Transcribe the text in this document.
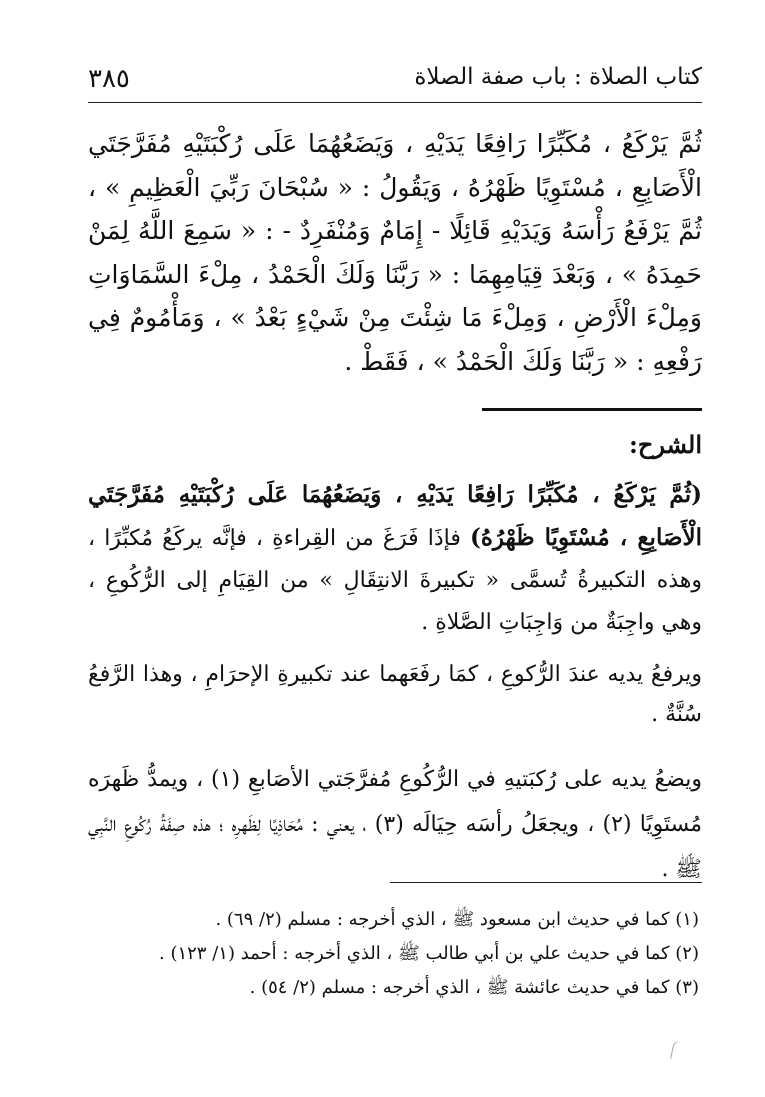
كتاب الصلاة : باب صفة الصلاة
٣٨٥
ثُمَّ يَرْكَعُ ، مُكَبِّرًا رَافِعًا يَدَيْهِ ، وَيَضَعُهُمَا عَلَى رُكْبَتَيْهِ مُفَرَّجَتَي الْأَصَابِعِ ، مُسْتَوِيًا ظَهْرُهُ ، وَيَقُولُ : « سُبْحَانَ رَبِّيَ الْعَظِيمِ » ، ثُمَّ يَرْفَعُ رَأْسَهُ وَيَدَيْهِ قَائِلًا - إِمَامٌ وَمُنْفَرِدٌ - : « سَمِعَ اللَّهُ لِمَنْ حَمِدَهُ » ، وَبَعْدَ قِيَامِهِمَا : « رَبَّنَا وَلَكَ الْحَمْدُ ، مِلْءَ السَّمَاوَاتِ وَمِلْءَ الْأَرْضِ ، وَمِلْءَ مَا شِئْتَ مِنْ شَيْءٍ بَعْدُ » ، وَمَأْمُومٌ فِي رَفْعِهِ : « رَبَّنَا وَلَكَ الْحَمْدُ » ، فَقَطْ .
الشرح:
(ثُمَّ يَرْكَعُ ، مُكَبِّرًا رَافِعًا يَدَيْهِ ، وَيَضَعُهُمَا عَلَى رُكْبَتَيْهِ مُفَرَّجَتَي الْأَصَابِعِ ، مُسْتَوِيًا ظَهْرُهُ) فإذَا فَرَغَ من القِراءةِ ، فإنَّه يركَعُ مُكبِّرًا ، وهذه التكبيرةُ تُسمَّى « تكبيرةَ الانتِقَالِ » من القِيَامِ إلى الرُّكُوعِ ، وهي واجِبَةٌ من وَاجِبَاتِ الصَّلاةِ .
ويرفعُ يديه عندَ الرُّكوعِ ، كمَا رفَعَهما عند تكبيرةِ الإحرَامِ ، وهذا الرَّفعُ سُنَّةٌ .
ويضعُ يديه على رُكبَتيهِ في الرُّكُوعِ مُفرَّجَتي الأصَابعِ (١) ، ويمدُّ ظَهرَه مُستَوِيًا (٢) ، ويجعَلُ رأسَه حِيَالَه (٣) ، يعني : مُحَاذِيًا لِظَهرِه ؛ هذه صِفَةُ رُكُوعِ النَّبِي ﷺ .
(١) كما في حديث ابن مسعود ﷺ ، الذي أخرجه : مسلم (٢/ ٦٩) .
(٢) كما في حديث علي بن أبي طالب ﷺ ، الذي أخرجه : أحمد (١/ ١٢٣) .
(٣) كما في حديث عائشة ﷺ ، الذي أخرجه : مسلم (٢/ ٥٤) .
